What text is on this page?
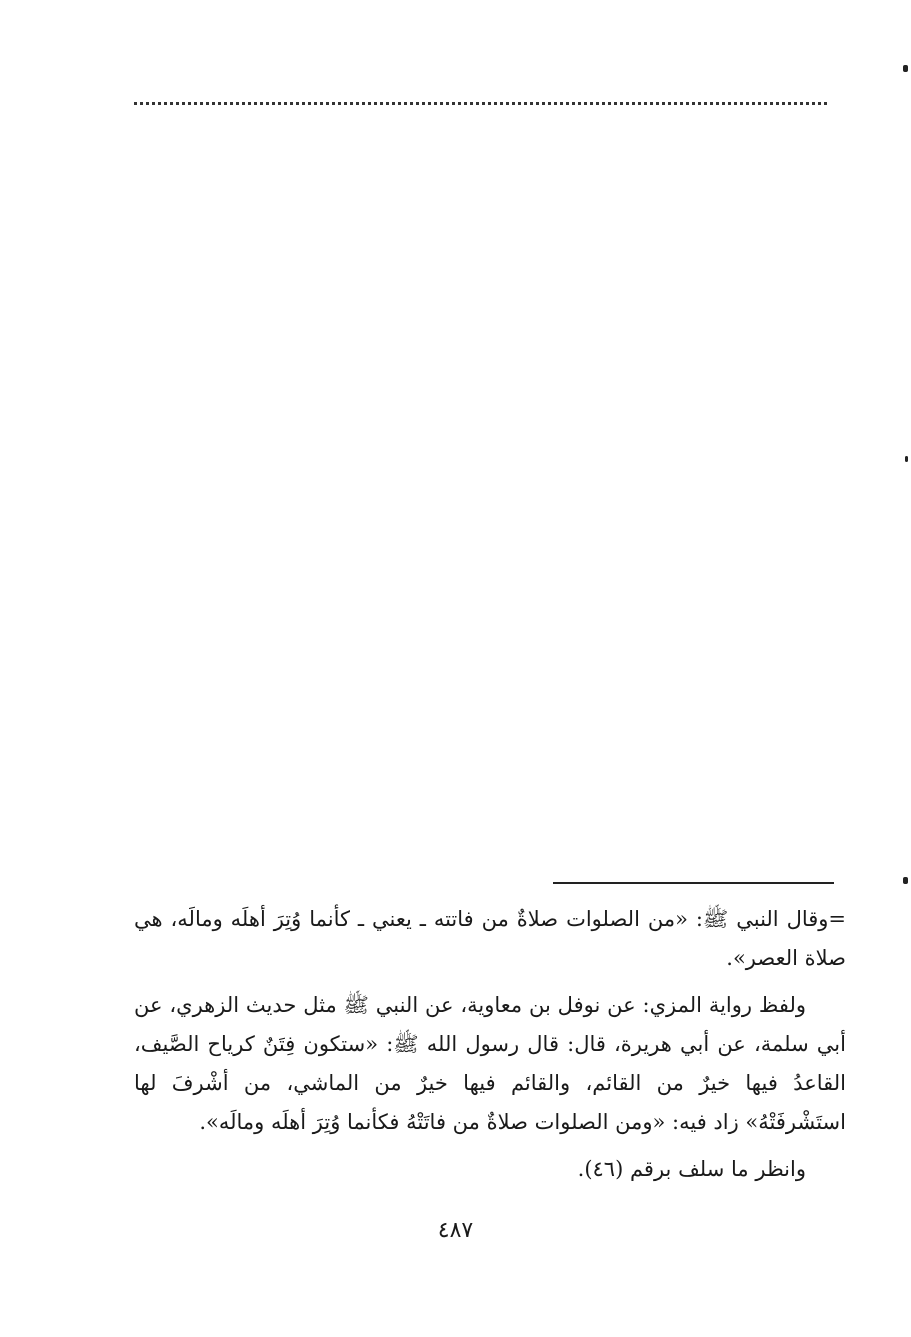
=وقال النبي ﷺ: «من الصلوات صلاةٌ من فاتته ـ يعني ـ كأنما وُتِرَ أهلَه ومالَه، هي صلاة العصر».

ولفظ رواية المزي: عن نوفل بن معاوية، عن النبي ﷺ مثل حديث الزهري، عن أبي سلمة، عن أبي هريرة، قال: قال رسول الله ﷺ: «ستكون فِتَنٌ كرياح الصَّيف، القاعدُ فيها خيرٌ من القائم، والقائم فيها خيرٌ من الماشي، من أشْرفَ لها استَشْرفَتْهُ» زاد فيه: «ومن الصلوات صلاةٌ من فاتَتْهُ فكأنما وُتِرَ أهلَه ومالَه».

وانظر ما سلف برقم (٤٦).

٤٨٧
